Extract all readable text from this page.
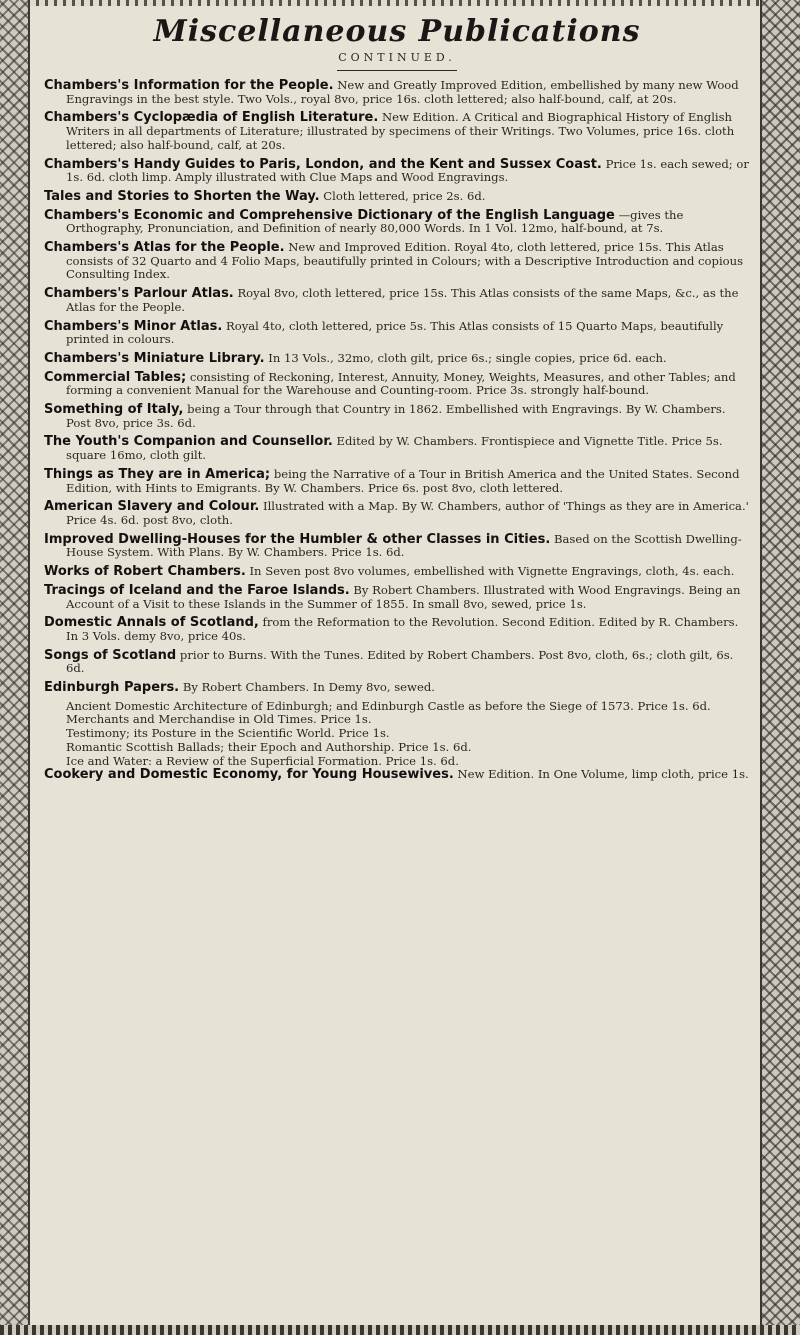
Miscellaneous Publications
CONTINUED.
Chambers's Information for the People. New and Greatly Improved Edition, embellished by many new Wood Engravings in the best style. Two Vols., royal 8vo, price 16s. cloth lettered; also half-bound, calf, at 20s.
Chambers's Cyclopædia of English Literature. New Edition. A Critical and Biographical History of English Writers in all departments of Literature; illustrated by specimens of their Writings. Two Volumes, price 16s. cloth lettered; also half-bound, calf, at 20s.
Chambers's Handy Guides to Paris, London, and the Kent and Sussex Coast. Price 1s. each sewed; or 1s. 6d. cloth limp. Amply illustrated with Clue Maps and Wood Engravings.
Tales and Stories to Shorten the Way. Cloth lettered, price 2s. 6d.
Chambers's Economic and Comprehensive Dictionary of the English Language —gives the Orthography, Pronunciation, and Definition of nearly 80,000 Words. In 1 Vol. 12mo, half-bound, at 7s.
Chambers's Atlas for the People. New and Improved Edition. Royal 4to, cloth lettered, price 15s. This Atlas consists of 32 Quarto and 4 Folio Maps, beautifully printed in Colours; with a Descriptive Introduction and copious Consulting Index.
Chambers's Parlour Atlas. Royal 8vo, cloth lettered, price 15s. This Atlas consists of the same Maps, &c., as the Atlas for the People.
Chambers's Minor Atlas. Royal 4to, cloth lettered, price 5s. This Atlas consists of 15 Quarto Maps, beautifully printed in colours.
Chambers's Miniature Library. In 13 Vols., 32mo, cloth gilt, price 6s.; single copies, price 6d. each.
Commercial Tables; consisting of Reckoning, Interest, Annuity, Money, Weights, Measures, and other Tables; and forming a convenient Manual for the Warehouse and Counting-room. Price 3s. strongly half-bound.
Something of Italy, being a Tour through that Country in 1862. Embellished with Engravings. By W. Chambers. Post 8vo, price 3s. 6d.
The Youth's Companion and Counsellor. Edited by W. Chambers. Frontispiece and Vignette Title. Price 5s. square 16mo, cloth gilt.
Things as They are in America; being the Narrative of a Tour in British America and the United States. Second Edition, with Hints to Emigrants. By W. Chambers. Price 6s. post 8vo, cloth lettered.
American Slavery and Colour. Illustrated with a Map. By W. Chambers, author of 'Things as they are in America.' Price 4s. 6d. post 8vo, cloth.
Improved Dwelling-Houses for the Humbler & other Classes in Cities. Based on the Scottish Dwelling-House System. With Plans. By W. Chambers. Price 1s. 6d.
Works of Robert Chambers. In Seven post 8vo volumes, embellished with Vignette Engravings, cloth, 4s. each.
Tracings of Iceland and the Faroe Islands. By Robert Chambers. Illustrated with Wood Engravings. Being an Account of a Visit to these Islands in the Summer of 1855. In small 8vo, sewed, price 1s.
Domestic Annals of Scotland, from the Reformation to the Revolution. Second Edition. Edited by R. Chambers. In 3 Vols. demy 8vo, price 40s.
Songs of Scotland prior to Burns. With the Tunes. Edited by Robert Chambers. Post 8vo, cloth, 6s.; cloth gilt, 6s. 6d.
Edinburgh Papers. By Robert Chambers. In Demy 8vo, sewed.
Ancient Domestic Architecture of Edinburgh; and Edinburgh Castle as before the Siege of 1573. Price 1s. 6d.
Merchants and Merchandise in Old Times. Price 1s.
Testimony; its Posture in the Scientific World. Price 1s.
Romantic Scottish Ballads; their Epoch and Authorship. Price 1s. 6d.
Ice and Water: a Review of the Superficial Formation. Price 1s. 6d.
Cookery and Domestic Economy, for Young Housewives. New Edition. In One Volume, limp cloth, price 1s.
